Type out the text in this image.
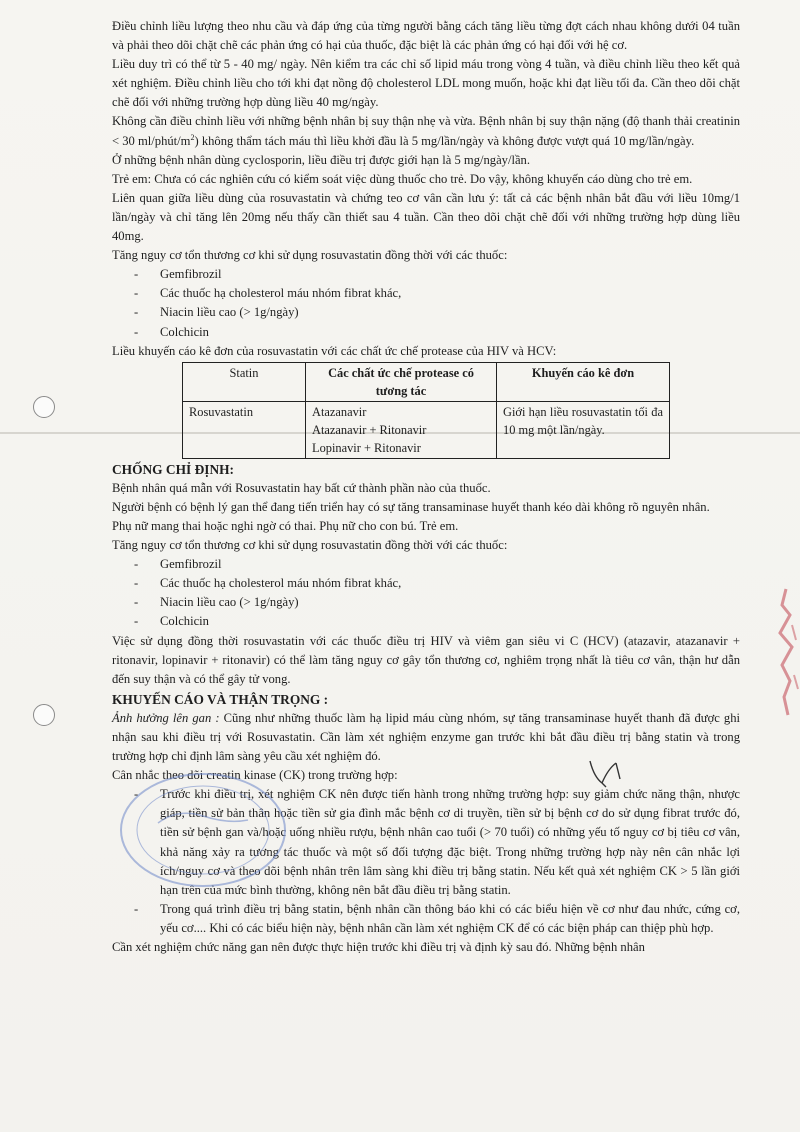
Điều chỉnh liều lượng theo nhu cầu và đáp ứng của từng người bằng cách tăng liều từng đợt cách nhau không dưới 04 tuần và phải theo dõi chặt chẽ các phản ứng có hại của thuốc, đặc biệt là các phản ứng có hại đối với hệ cơ.

Liều duy trì có thể từ 5 - 40 mg/ ngày. Nên kiểm tra các chỉ số lipid máu trong vòng 4 tuần, và điều chỉnh liều theo kết quả xét nghiệm. Điều chỉnh liều cho tới khi đạt nồng độ cholesterol LDL mong muốn, hoặc khi đạt liều tối đa. Cần theo dõi chặt chẽ đối với những trường hợp dùng liều 40 mg/ngày.

Không cần điều chỉnh liều với những bệnh nhân bị suy thận nhẹ và vừa. Bệnh nhân bị suy thận nặng (độ thanh thải creatinin < 30 $ml/phút/m^2$) không thẩm tách máu thì liều khởi đầu là 5 mg/lần/ngày và không được vượt quá 10 mg/lần/ngày.

Ở những bệnh nhân dùng cyclosporin, liều điều trị được giới hạn là 5 mg/ngày/lần.

Trẻ em: Chưa có các nghiên cứu có kiểm soát việc dùng thuốc cho trẻ. Do vậy, không khuyến cáo dùng cho trẻ em.

Liên quan giữa liều dùng của rosuvastatin và chứng teo cơ vân cần lưu ý: tất cả các bệnh nhân bắt đầu với liều 10mg/1 lần/ngày và chỉ tăng lên 20mg nếu thấy cần thiết sau 4 tuần. Cần theo dõi chặt chẽ đối với những trường hợp dùng liều 40mg.

Tăng nguy cơ tổn thương cơ khi sử dụng rosuvastatin đồng thời với các thuốc:

- Gemfibrozil
- Các thuốc hạ cholesterol máu nhóm fibrat khác,
- Niacin liều cao (> 1g/ngày)
- Colchicin

Liều khuyến cáo kê đơn của rosuvastatin với các chất ức chế protease của HIV và HCV:

Statin	Các chất ức chế protease có tương tác	Khuyến cáo kê đơn
Rosuvastatin	Atazanavir
Atazanavir + Ritonavir
Lopinavir + Ritonavir	Giới hạn liều rosuvastatin tối đa 10 mg một lần/ngày.

CHỐNG CHỈ ĐỊNH:

Bệnh nhân quá mẫn với Rosuvastatin hay bất cứ thành phần nào của thuốc.

Người bệnh có bệnh lý gan thể đang tiến triển hay có sự tăng transaminase huyết thanh kéo dài không rõ nguyên nhân.

Phụ nữ mang thai hoặc nghi ngờ có thai. Phụ nữ cho con bú. Trẻ em.

Tăng nguy cơ tổn thương cơ khi sử dụng rosuvastatin đồng thời với các thuốc:

- Gemfibrozil
- Các thuốc hạ cholesterol máu nhóm fibrat khác,
- Niacin liều cao (> 1g/ngày)
- Colchicin

Việc sử dụng đồng thời rosuvastatin với các thuốc điều trị HIV và viêm gan siêu vi C (HCV) (atazavir, atazanavir + ritonavir, lopinavir + ritonavir) có thể làm tăng nguy cơ gây tổn thương cơ, nghiêm trọng nhất là tiêu cơ vân, thận hư dẫn đến suy thận và có thể gây tử vong.

KHUYẾN CÁO VÀ THẬN TRỌNG :

Ảnh hưởng lên gan : Cũng như những thuốc làm hạ lipid máu cùng nhóm, sự tăng transaminase huyết thanh đã được ghi nhận sau khi điều trị với Rosuvastatin. Cần làm xét nghiệm enzyme gan trước khi bắt đầu điều trị bằng statin và trong trường hợp chỉ định lâm sàng yêu cầu xét nghiệm đó.

Cân nhắc theo dõi creatin kinase (CK) trong trường hợp:

- Trước khi điều trị, xét nghiệm CK nên được tiến hành trong những trường hợp: suy giảm chức năng thận, nhược giáp, tiền sử bản thân hoặc tiền sử gia đình mắc bệnh cơ di truyền, tiền sử bị bệnh cơ do sử dụng fibrat trước đó, tiền sử bệnh gan và/hoặc uống nhiều rượu, bệnh nhân cao tuổi (> 70 tuổi) có những yếu tố nguy cơ bị tiêu cơ vân, khả năng xảy ra tương tác thuốc và một số đối tượng đặc biệt. Trong những trường hợp này nên cân nhắc lợi ích/nguy cơ và theo dõi bệnh nhân trên lâm sàng khi điều trị bằng statin. Nếu kết quả xét nghiệm CK > 5 lần giới hạn trên của mức bình thường, không nên bắt đầu điều trị bằng statin.
- Trong quá trình điều trị bằng statin, bệnh nhân cần thông báo khi có các biểu hiện về cơ như đau nhức, cứng cơ, yếu cơ.... Khi có các biểu hiện này, bệnh nhân cần làm xét nghiệm CK để có các biện pháp can thiệp phù hợp.

Cần xét nghiệm chức năng gan nên được thực hiện trước khi điều trị và định kỳ sau đó. Những bệnh nhân
